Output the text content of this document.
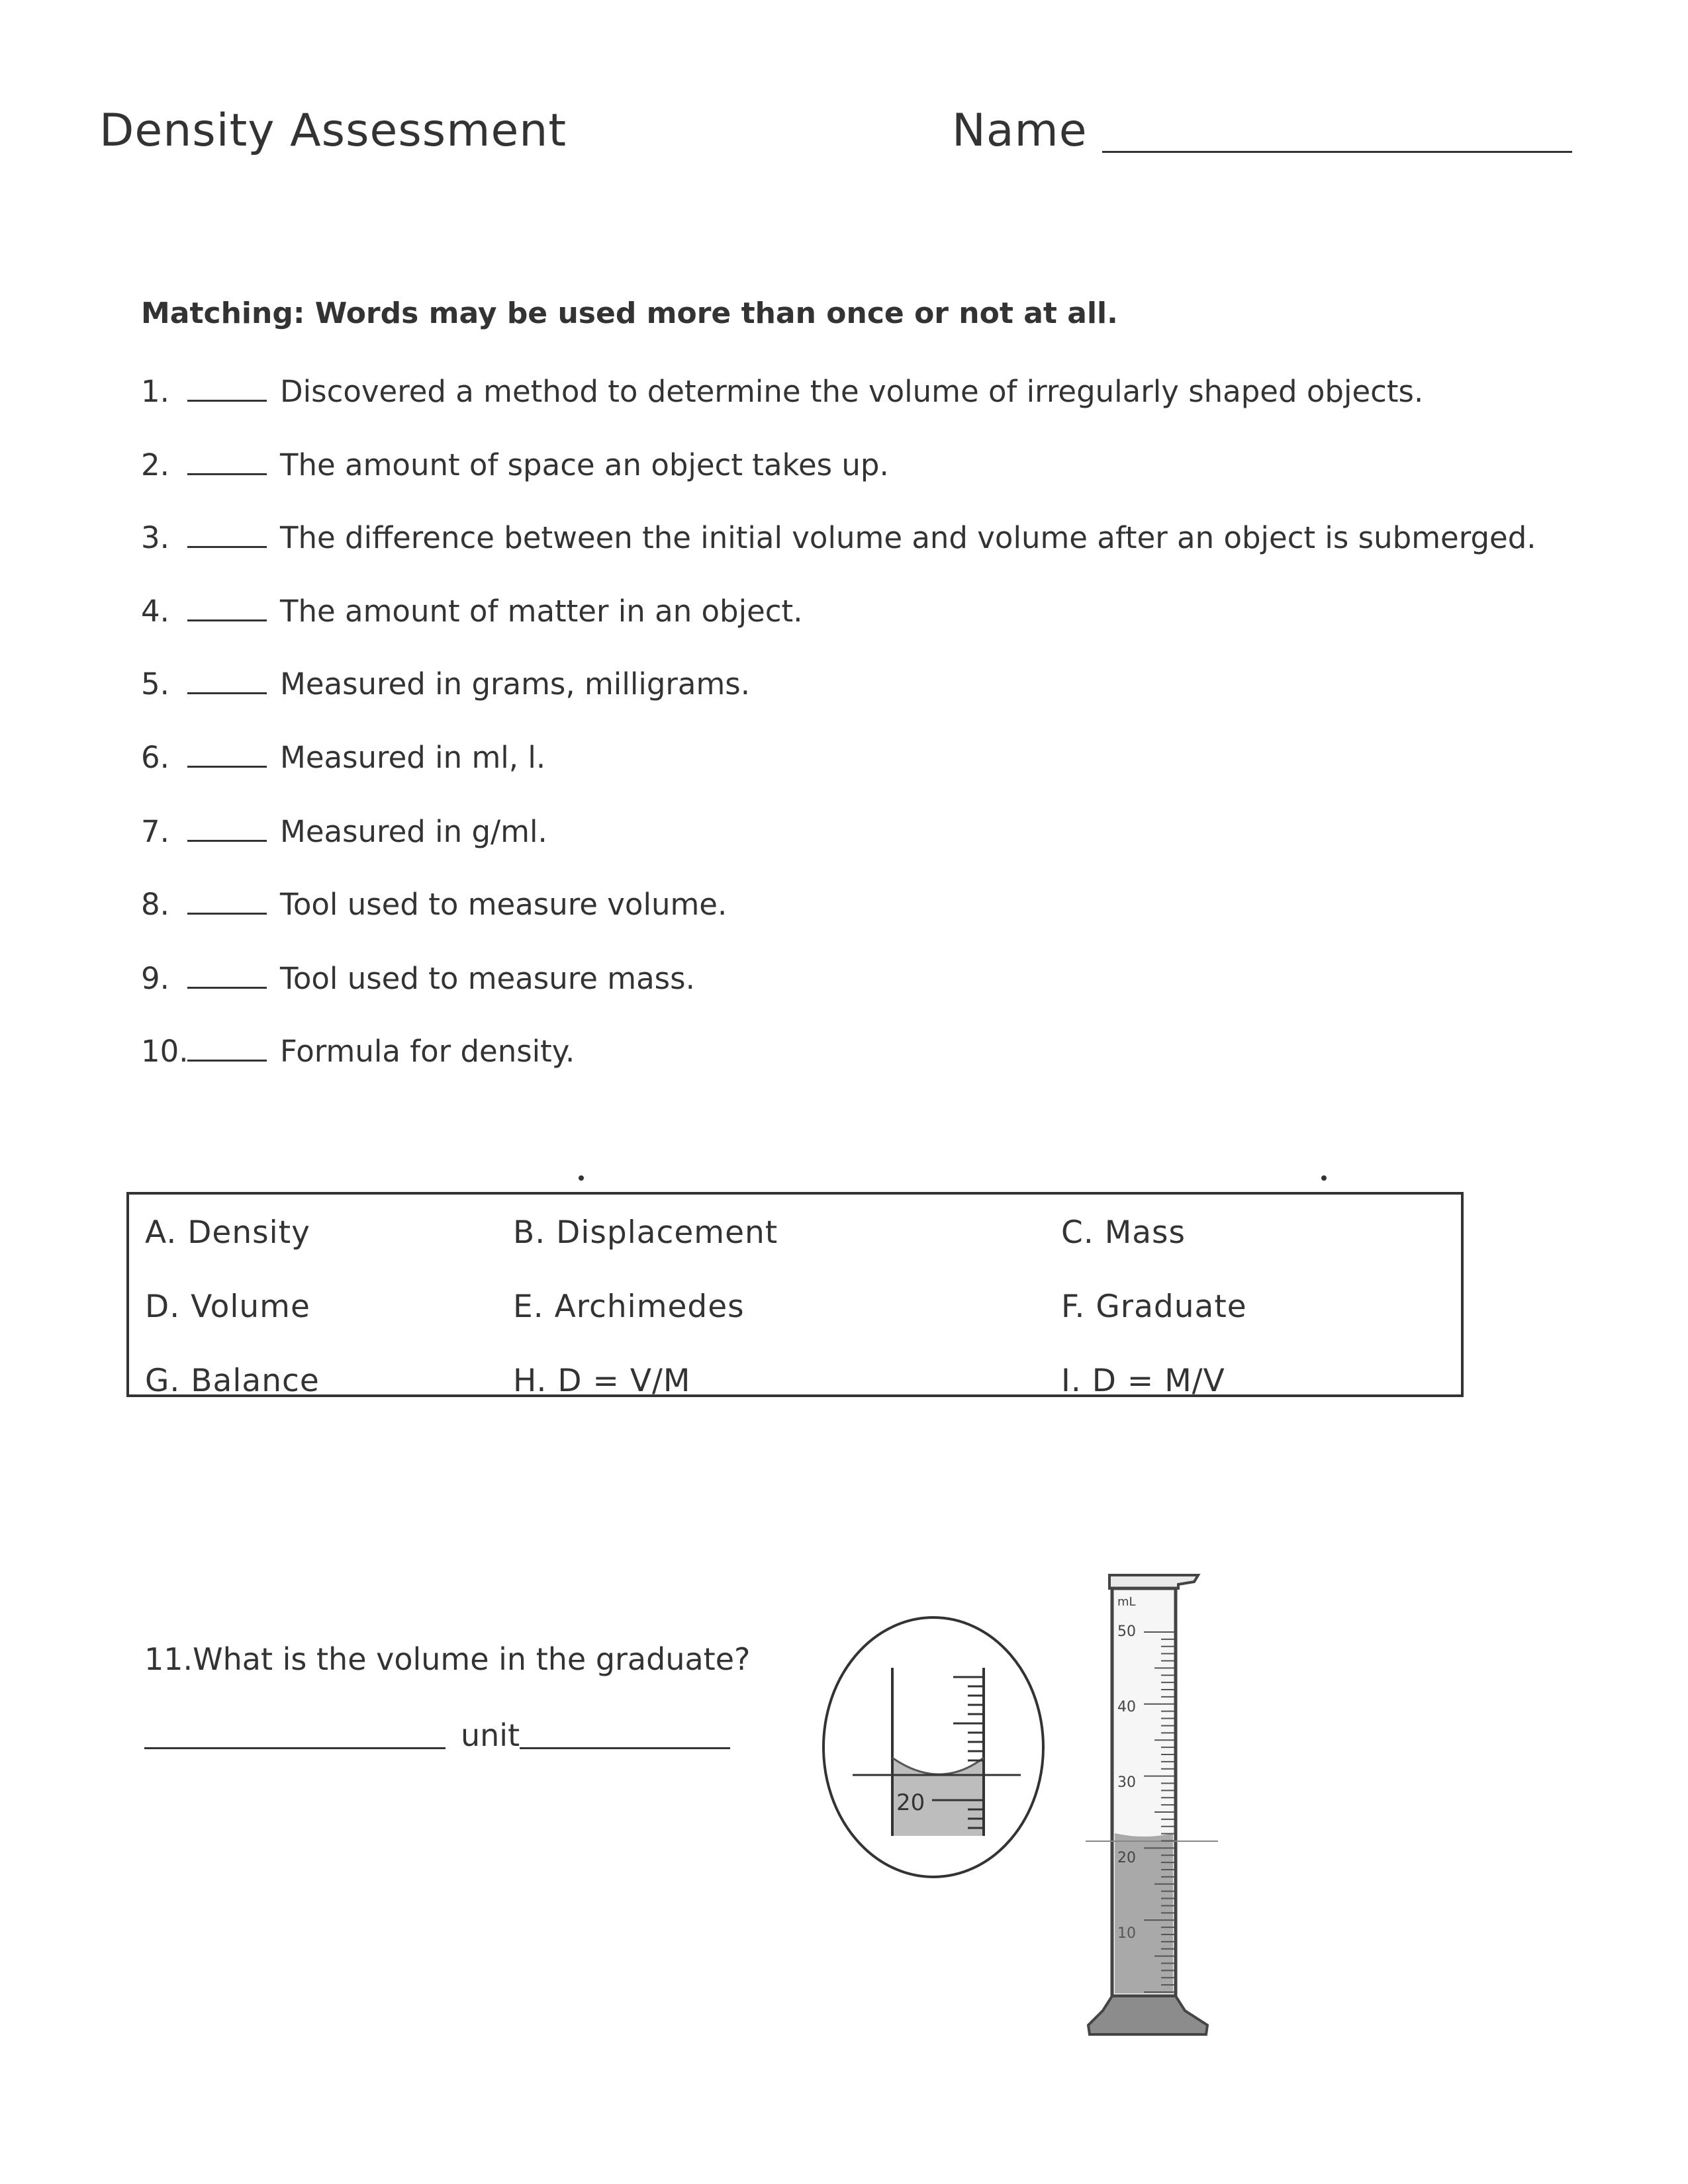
Density Assessment	Name
Matching: Words may be used more than once or not at all.
1.	Discovered a method to determine the volume of irregularly shaped objects.
2.	The amount of space an object takes up.
3.	The difference between the initial volume and volume after an object is submerged.
4.	The amount of matter in an object.
5.	Measured in grams, milligrams.
6.	Measured in ml, l.
7.	Measured in g/ml.
8.	Tool used to measure volume.
9.	Tool used to measure mass.
10.	Formula for density.
A. Density	B. Displacement	C. Mass
D. Volume	E. Archimedes	F. Graduate
G. Balance	H. D = V/M	I. D = M/V
11.What is the volume in the graduate?
unit
20
mL
50
40
30
20
10
